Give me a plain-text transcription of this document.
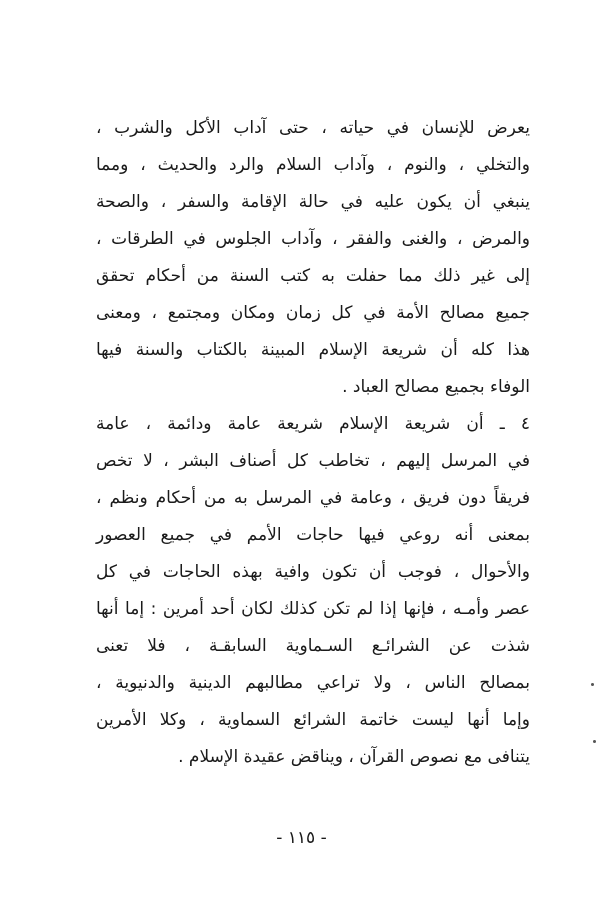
يعرض للإنسان في حياته ، حتى آداب الأكل والشرب ،
والتخلي ، والنوم ، وآداب السلام والرد والحديث ، ومما
ينبغي أن يكون عليه في حالة الإقامة والسفر ، والصحة
والمرض ، والغنى والفقر ، وآداب الجلوس في الطرقات ،
إلى غير ذلك مما حفلت به كتب السنة من أحكام تحقق
جميع مصالح الأمة في كل زمان ومكان ومجتمع ، ومعنى
هذا كله أن شريعة الإسلام المبينة بالكتاب والسنة فيها
الوفاء بجميع مصالح العباد .
٤ ـ أن شريعة الإسلام شريعة عامة ودائمة ، عامة
في المرسل إليهم ، تخاطب كل أصناف البشر ، لا تخص
فريقاً دون فريق ، وعامة في المرسل به من أحكام ونظم ،
بمعنى أنه روعي فيها حاجات الأمم في جميع العصور
والأحوال ، فوجب أن تكون وافية بهذه الحاجات في كل
عصر وأمـه ، فإنها إذا لم تكن كذلك لكان أحد أمرين : إما أنها
شذت عن الشرائـع السـماوية السابقـة ، فلا تعنى
بمصالح الناس ، ولا تراعي مطالبهم الدينية والدنيوية ،
وإما أنها ليست خاتمة الشرائع السماوية ، وكلا الأمرين
يتنافى مع نصوص القرآن ، ويناقض عقيدة الإسلام .
- ١١٥ -
